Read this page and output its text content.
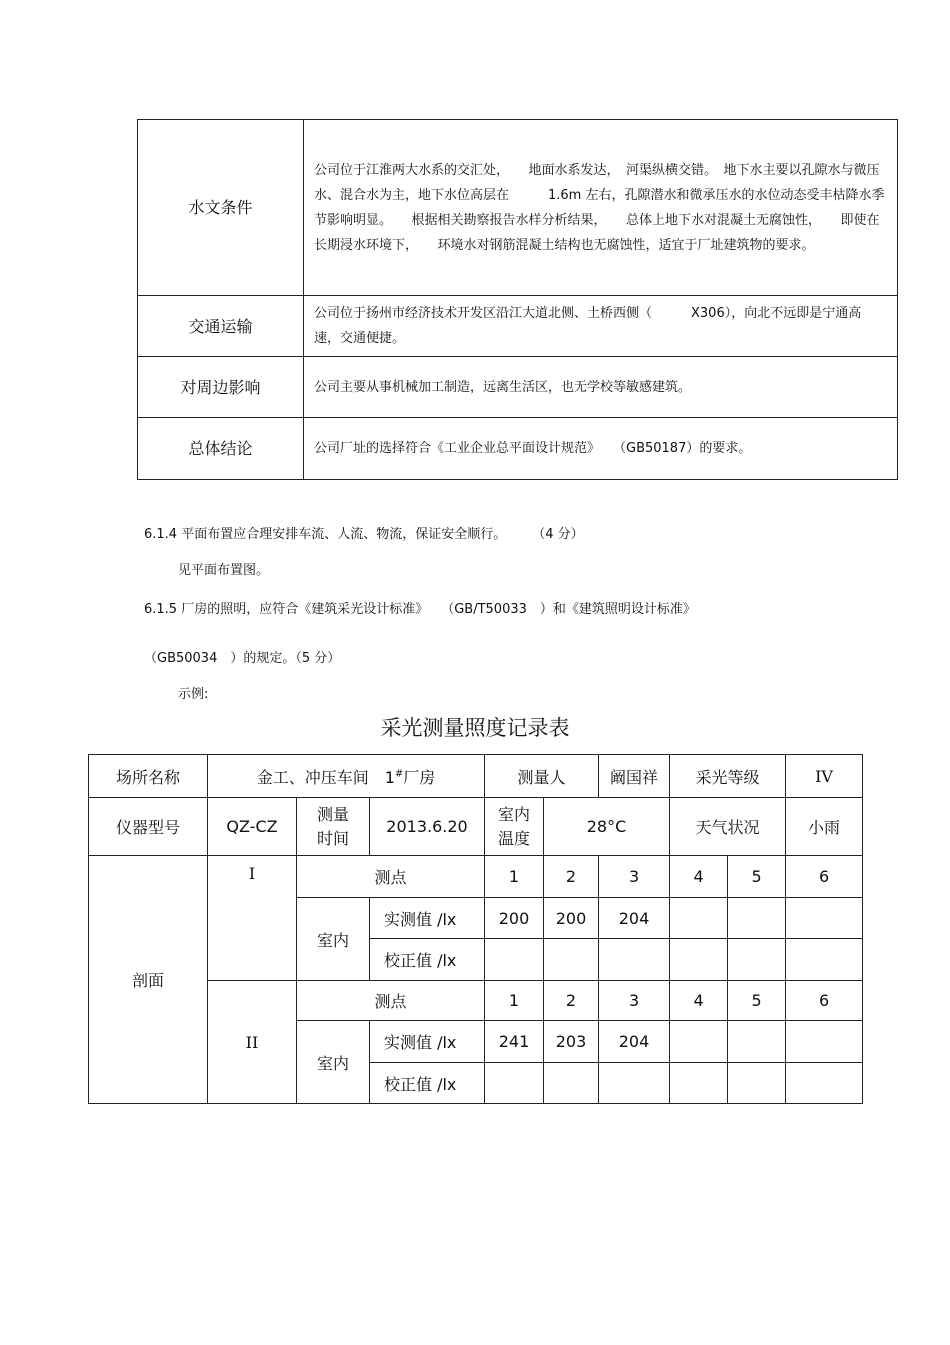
水文条件	公司位于江淮两大水系的交汇处，　　地面水系发达，　河渠纵横交错。　地下水主要以孔隙水与微压水、混合水为主，地下水位高层在　　　1.6m 左右，孔隙潜水和微承压水的水位动态受丰枯降水季节影响明显。　　根据相关勘察报告水样分析结果，　　总体上地下水对混凝土无腐蚀性，　　即使在长期浸水环境下，　　环境水对钢筋混凝土结构也无腐蚀性，适宜于厂址建筑物的要求。
交通运输	公司位于扬州市经济技术开发区沿江大道北侧、土桥西侧（　　　X306），向北不远即是宁通高速，交通便捷。
对周边影响	公司主要从事机械加工制造，远离生活区，也无学校等敏感建筑。
总体结论	公司厂址的选择符合《工业企业总平面设计规范》　　（GB50187）的要求。
6.1.4 平面布置应合理安排车流、人流、物流，保证安全顺行。　　　（4 分）
见平面布置图。
6.1.5 厂房的照明，应符合《建筑采光设计标准》　　（GB/T50033　）和《建筑照明设计标准》
（GB50034　）的规定。（5 分）
示例:
采光测量照度记录表
场所名称	金工、冲压车间　1#厂房			测量人		阚国祥	采光等级		IV
仪器型号	QZ-CZ	测量时间	2013.6.20	室内温度	28°C		天气状况		小雨
剖面	I	测点		1	2	3	4	5	6
		室内	实测值 /lx	200	200	204			
			校正值 /lx						
	II	测点		1	2	3	4	5	6
		室内	实测值 /lx	241	203	204			
			校正值 /lx						
